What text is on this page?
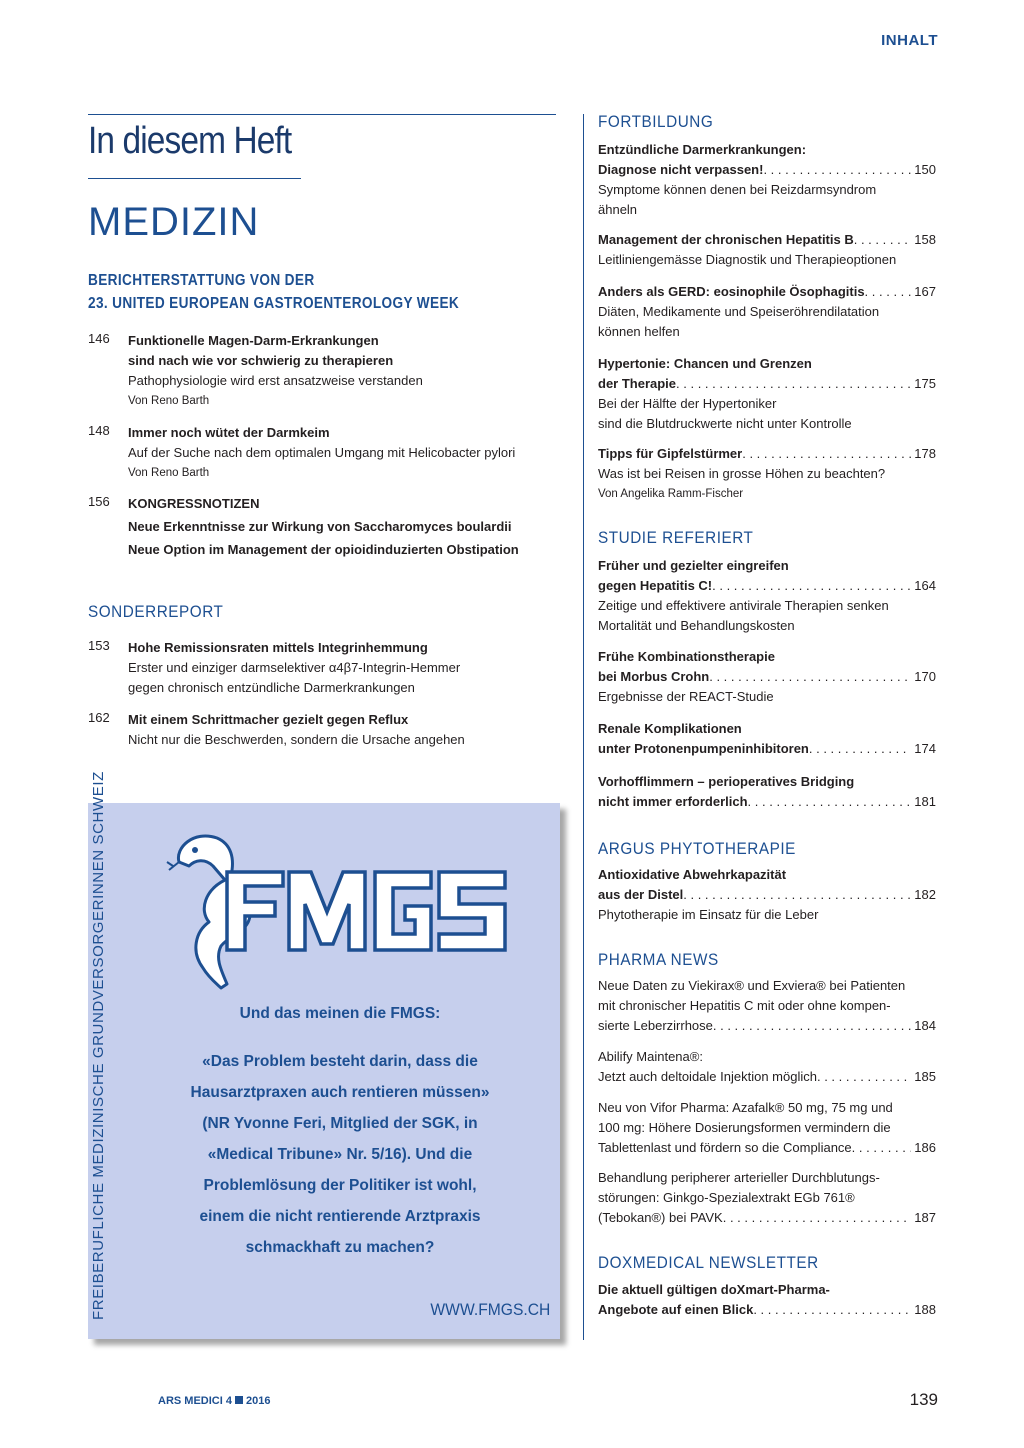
INHALT
In diesem Heft
MEDIZIN
BERICHTERSTATTUNG VON DER
23. UNITED EUROPEAN GASTROENTEROLOGY WEEK
146	Funktionelle Magen-Darm-Erkrankungen
sind nach wie vor schwierig zu therapieren
Pathophysiologie wird erst ansatzweise verstanden
Von Reno Barth
148	Immer noch wütet der Darmkeim
Auf der Suche nach dem optimalen Umgang mit Helicobacter pylori
Von Reno Barth
156	KONGRESSNOTIZEN
Neue Erkenntnisse zur Wirkung von Saccharomyces boulardii
Neue Option im Management der opioidinduzierten Obstipation
SONDERREPORT
153	Hohe Remissionsraten mittels Integrinhemmung
Erster und einziger darmselektiver α4β7-Integrin-Hemmer
gegen chronisch entzündliche Darmerkrankungen
162	Mit einem Schrittmacher gezielt gegen Reflux
Nicht nur die Beschwerden, sondern die Ursache angehen
FREIBERUFLICHE MEDIZINISCHE GRUNDVERSORGERINNEN SCHWEIZ	Und das meinen die FMGS:
«Das Problem besteht darin, dass die
Hausarztpraxen auch rentieren müssen»
(NR Yvonne Feri, Mitglied der SGK, in
«Medical Tribune» Nr. 5/16). Und die
Problemlösung der Politiker ist wohl,
einem die nicht rentierende Arztpraxis
schmackhaft zu machen?
WWW.FMGS.CH
FORTBILDUNG
Entzündliche Darmerkrankungen:
Diagnose nicht verpassen! . . .	150
Symptome können denen bei Reizdarmsyndrom
ähneln
Management der chronischen Hepatitis B . . .	158
Leitliniengemässe Diagnostik und Therapieoptionen
Anders als GERD: eosinophile Ösophagitis . . .	167
Diäten, Medikamente und Speiseröhrendilatation
können helfen
Hypertonie: Chancen und Grenzen
der Therapie . . .	175
Bei der Hälfte der Hypertoniker
sind die Blutdruckwerte nicht unter Kontrolle
Tipps für Gipfelstürmer . . .	178
Was ist bei Reisen in grosse Höhen zu beachten?
Von Angelika Ramm-Fischer
STUDIE REFERIERT
Früher und gezielter eingreifen
gegen Hepatitis C! . . .	164
Zeitige und effektivere antivirale Therapien senken
Mortalität und Behandlungskosten
Frühe Kombinationstherapie
bei Morbus Crohn . . .	170
Ergebnisse der REACT-Studie
Renale Komplikationen
unter Protonenpumpeninhibitoren . . .	174
Vorhofflimmern – perioperatives Bridging
nicht immer erforderlich . . .	181
ARGUS PHYTOTHERAPIE
Antioxidative Abwehrkapazität
aus der Distel . . .	182
Phytotherapie im Einsatz für die Leber
PHARMA NEWS
Neue Daten zu Viekirax® und Exviera® bei Patienten
mit chronischer Hepatitis C mit oder ohne kompen-
sierte Leberzirrhose . . .	184
Abilify Maintena®:
Jetzt auch deltoidale Injektion möglich . . .	185
Neu von Vifor Pharma: Azafalk® 50 mg, 75 mg und
100 mg: Höhere Dosierungsformen vermindern die
Tablettenlast und fördern so die Compliance . . .	186
Behandlung peripherer arterieller Durchblutungs-
störungen: Ginkgo-Spezialextrakt EGb 761®
(Tebokan®) bei PAVK . . .	187
DOXMEDICAL NEWSLETTER
Die aktuell gültigen doXmart-Pharma-
Angebote auf einen Blick . . .	188
ARS MEDICI 4 2016	139
